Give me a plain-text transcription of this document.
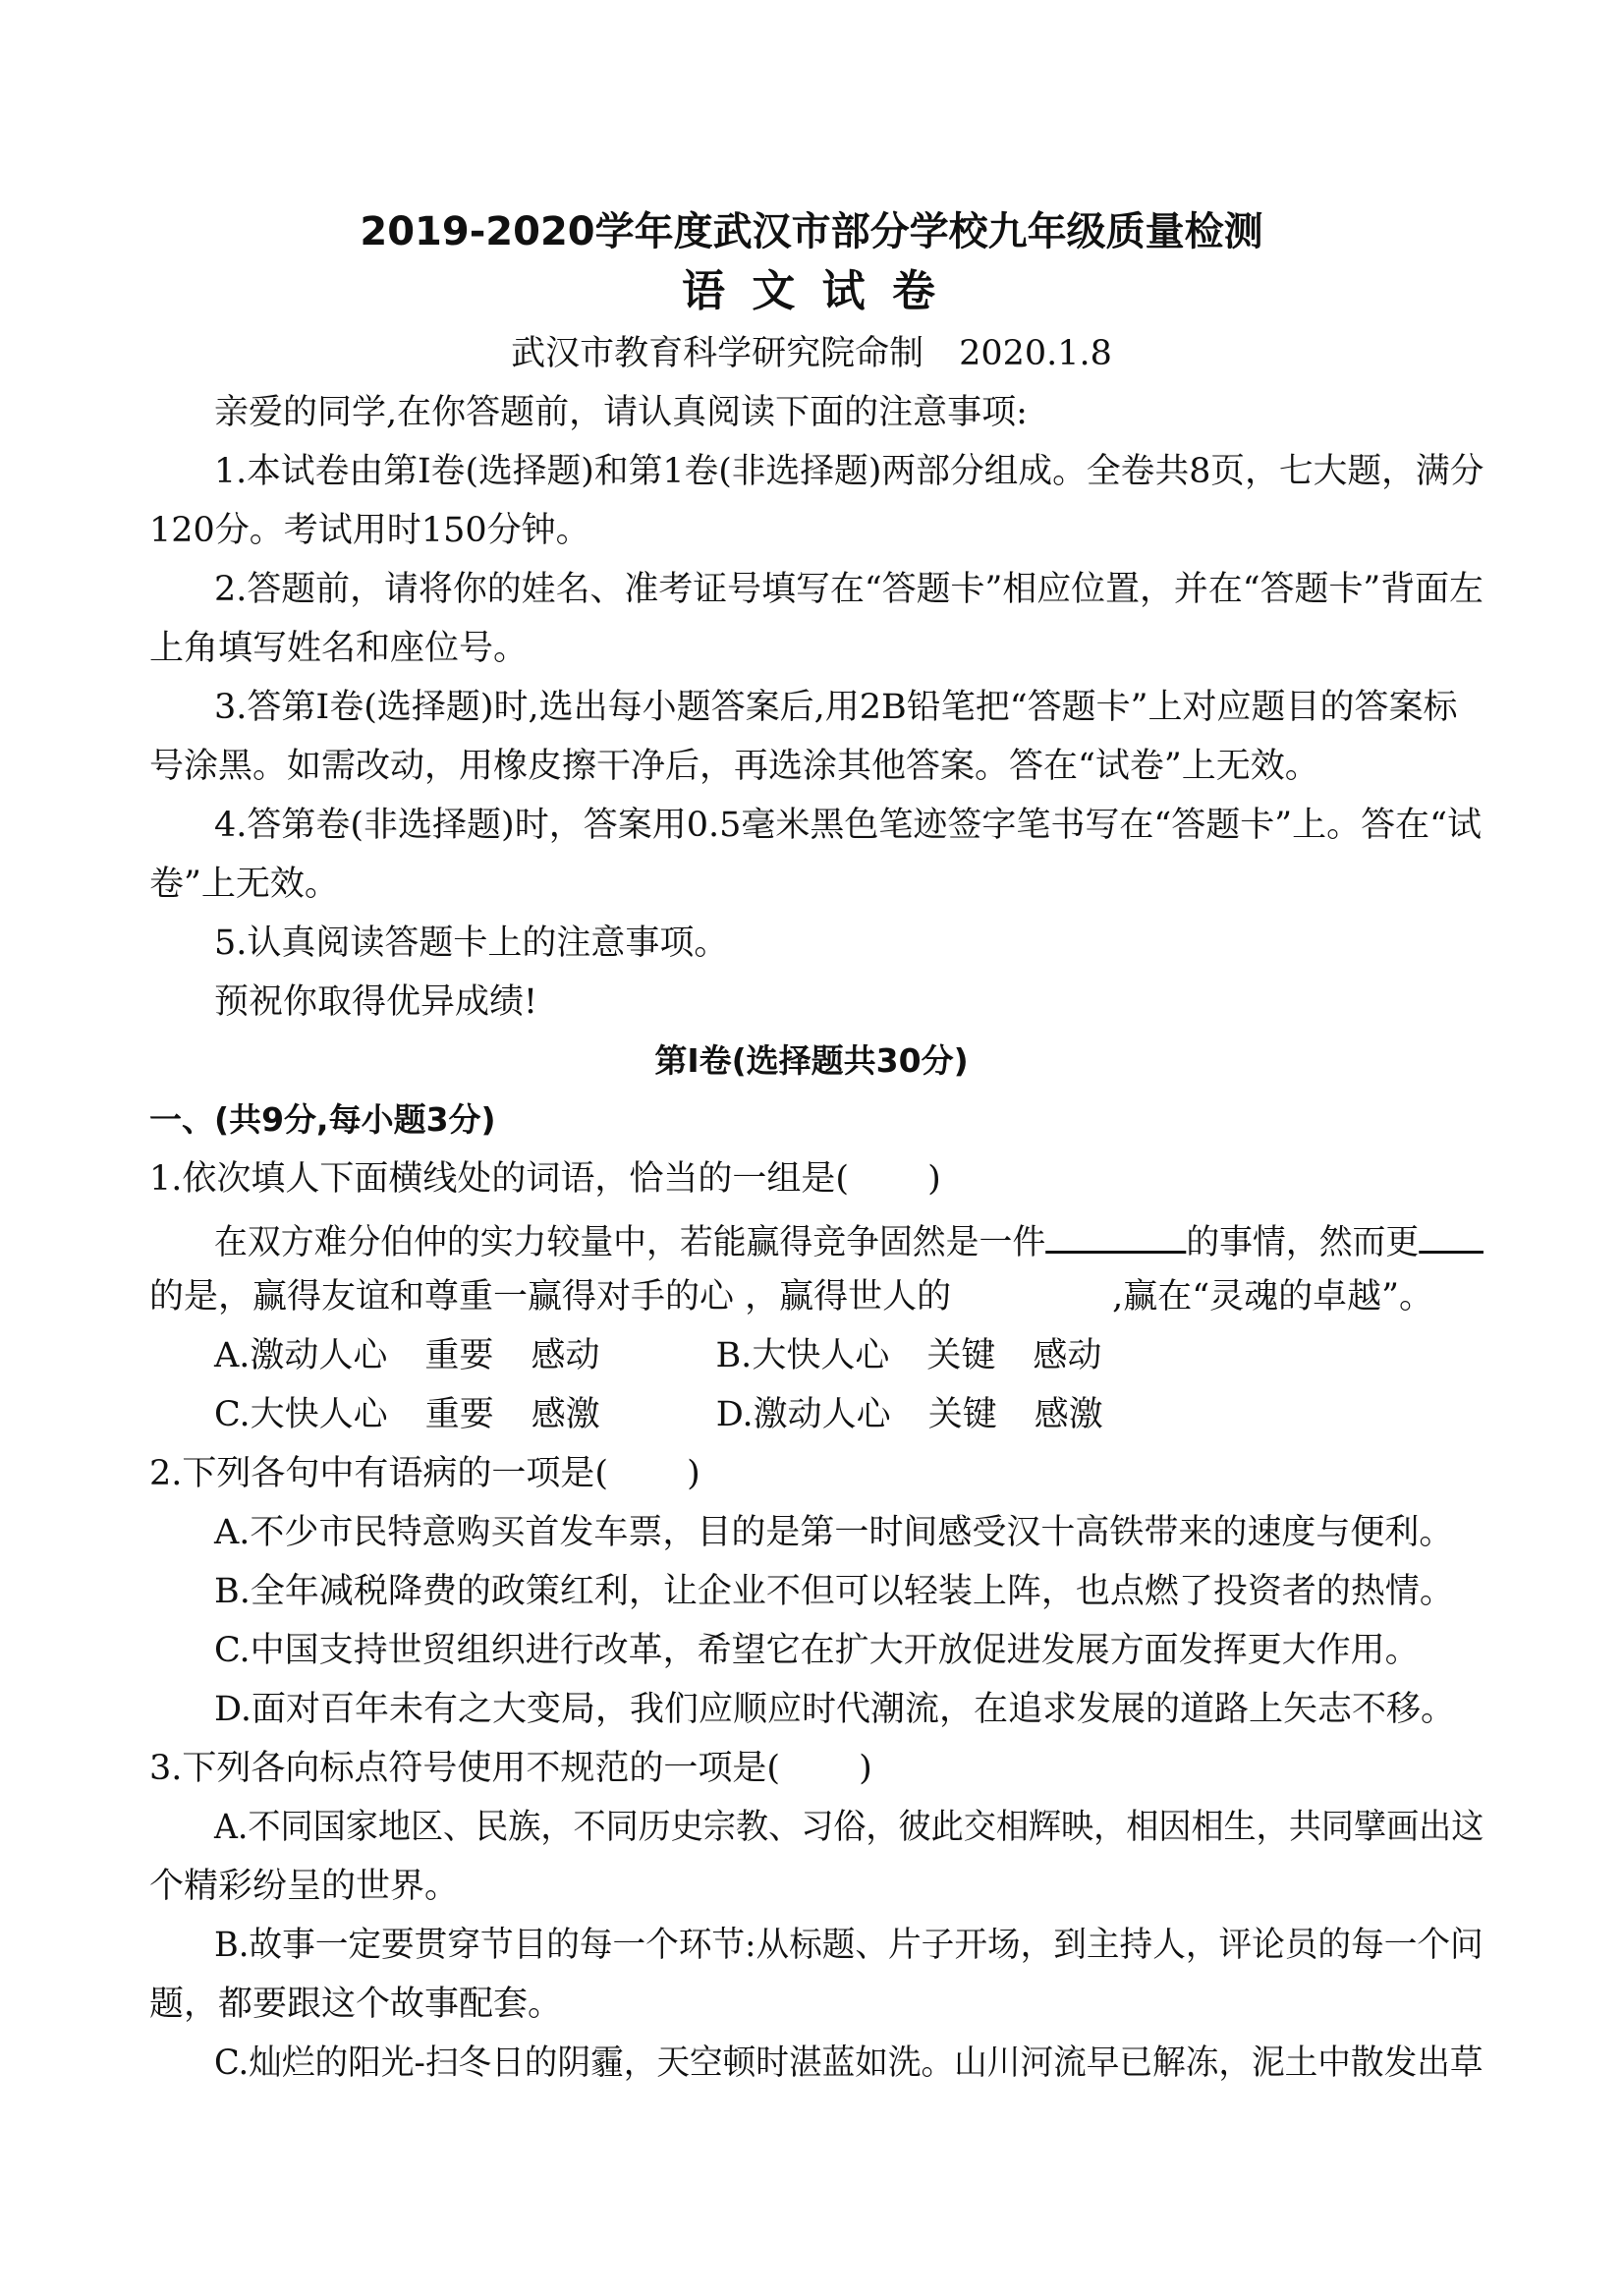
2019-2020学年度武汉市部分学校九年级质量检测
语 文 试 卷
武汉市教育科学研究院命制 2020.1.8
亲爱的同学,在你答题前，请认真阅读下面的注意事项:
1.本试卷由第Ⅰ卷(选择题)和第1卷(非选择题)两部分组成。全卷共8页，七大题，满分
120分。考试用时150分钟。
2.答题前，请将你的娃名、准考证号填写在“答题卡”相应位置，并在“答题卡”背面左
上角填写姓名和座位号。
3.答第Ⅰ卷(选择题)时,选出每小题答案后,用2B铅笔把“答题卡”上对应题目的答案标
号涂黑。如需改动，用橡皮擦干净后，再选涂其他答案。答在“试卷”上无效。
4.答第卷(非选择题)时，答案用0.5毫米黑色笔迹签字笔书写在“答题卡”上。答在“试
卷”上无效。
5.认真阅读答题卡上的注意事项。
预祝你取得优异成绩!
第Ⅰ卷(选择题共30分)
一、(共9分,每小题3分)
1.依次填人下面横线处的词语，恰当的一组是( )
在双方难分伯仲的实力较量中，若能赢得竞争固然是一件	的事情，然而更
的是，赢得友谊和尊重一赢得对手的心 ，赢得世人的	,赢在“灵魂的卓越”。
A.激动人心 重要 感动	B.大快人心 关键 感动
C.大快人心 重要 感激	D.激动人心 关键 感激
2.下列各句中有语病的一项是( )
A.不少市民特意购买首发车票，目的是第一时间感受汉十高铁带来的速度与便利。
B.全年减税降费的政策红利，让企业不但可以轻装上阵，也点燃了投资者的热情。
C.中国支持世贸组织进行改革，希望它在扩大开放促进发展方面发挥更大作用。
D.面对百年未有之大变局，我们应顺应时代潮流，在追求发展的道路上矢志不移。
3.下列各向标点符号使用不规范的一项是( )
A.不同国家地区、民族，不同历史宗教、习俗，彼此交相辉映，相因相生，共同擘画出这
个精彩纷呈的世界。
B.故事一定要贯穿节目的每一个环节:从标题、片子开场，到主持人，评论员的每一个问
题，都要跟这个故事配套。
C.灿烂的阳光-扫冬日的阴霾，天空顿时湛蓝如洗。山川河流早已解冻，泥土中散发出草
